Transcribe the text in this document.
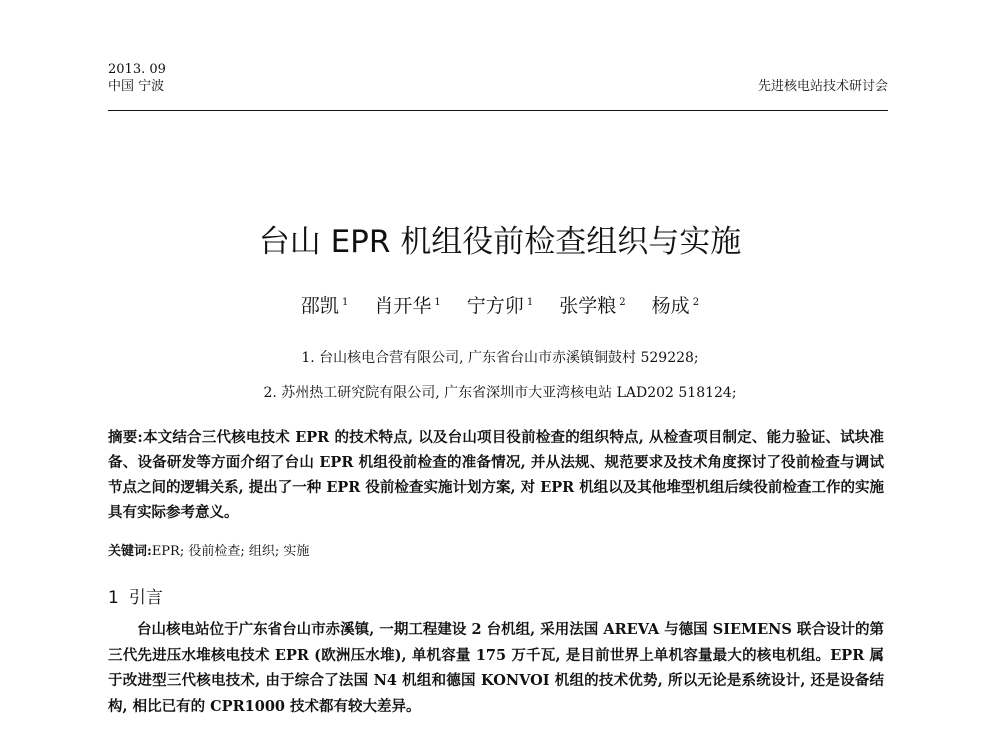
2013. 09
中国 宁波	先进核电站技术研讨会
台山 EPR 机组役前检查组织与实施
邵凯 $^1$ 肖开华 $^1$ 宁方卯 $^1$ 张学粮 $^2$ 杨成 $^2$
1. 台山核电合营有限公司, 广东省台山市赤溪镇铜鼓村 529228;
2. 苏州热工研究院有限公司, 广东省深圳市大亚湾核电站 LAD202 518124;
摘要:本文结合三代核电技术 EPR 的技术特点, 以及台山项目役前检查的组织特点, 从检查项目制定、能力验证、试块准备、设备研发等方面介绍了台山 EPR 机组役前检查的准备情况, 并从法规、规范要求及技术角度探讨了役前检查与调试节点之间的逻辑关系, 提出了一种 EPR 役前检查实施计划方案, 对 EPR 机组以及其他堆型机组后续役前检查工作的实施具有实际参考意义。
关键词:EPR; 役前检查; 组织; 实施
1 引言
台山核电站位于广东省台山市赤溪镇, 一期工程建设 2 台机组, 采用法国 AREVA 与德国 SIEMENS 联合设计的第三代先进压水堆核电技术 EPR (欧洲压水堆), 单机容量 175 万千瓦, 是目前世界上单机容量最大的核电机组。EPR 属于改进型三代核电技术, 由于综合了法国 N4 机组和德国 KONVOI 机组的技术优势, 所以无论是系统设计, 还是设备结构, 相比已有的 CPR1000 技术都有较大差异。
